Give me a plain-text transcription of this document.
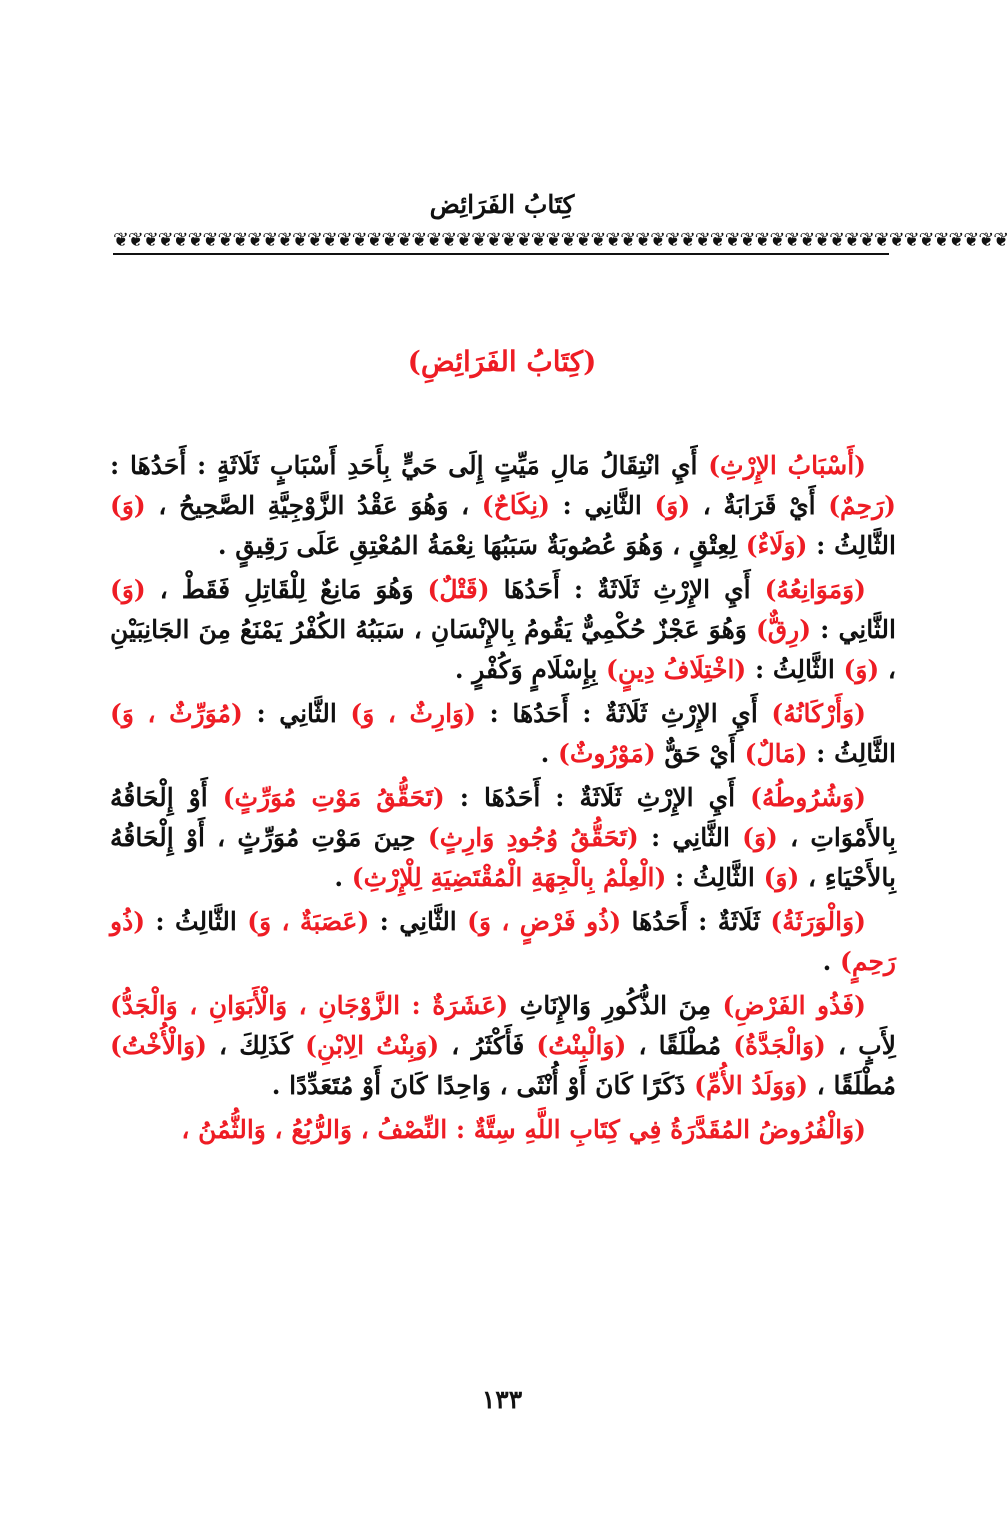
كِتَابُ الفَرَائِض
❦❦❦❦❦❦❦❦❦❦❦❦❦❦❦❦❦❦❦❦❦❦❦❦❦❦❦❦❦❦❦❦❦❦❦❦❦❦❦❦❦❦❦❦❦❦❦❦❦❦❦❦❦❦❦❦❦❦❦❦
(كِتَابُ الفَرَائِضِ)

(أَسْبَابُ الإِرْثِ) أَيِ انْتِقَالُ مَالِ مَيِّتٍ إِلَى حَيٍّ بِأَحَدِ أَسْبَابٍ ثَلَاثَةٍ : أَحَدُهَا : (رَحِمٌ) أَيْ قَرَابَةٌ ، (وَ) الثَّانِي : (نِكَاحٌ) ، وَهُوَ عَقْدُ الزَّوْجِيَّةِ الصَّحِيحُ ، (وَ) الثَّالِثُ : (وَلَاءٌ) لِعِتْقٍ ، وَهُوَ عُصُوبَةٌ سَبَبُهَا نِعْمَةُ المُعْتِقِ عَلَى رَقِيقٍ .

(وَمَوَانِعُهُ) أَيِ الإِرْثِ ثَلَاثَةٌ : أَحَدُهَا (قَتْلٌ) وَهُوَ مَانِعٌ لِلْقَاتِلِ فَقَطْ ، (وَ) الثَّانِي : (رِقٌّ) وَهُوَ عَجْزٌ حُكْمِيٌّ يَقُومُ بِالإِنْسَانِ ، سَبَبُهُ الكُفْرُ يَمْنَعُ مِنَ الجَانِبَيْنِ ، (وَ) الثَّالِثُ : (اخْتِلَافُ دِينٍ) بِإِسْلَامٍ وَكُفْرٍ .

(وَأَرْكَانُهُ) أَيِ الإِرْثِ ثَلَاثَةٌ : أَحَدُهَا : (وَارِثٌ ، وَ) الثَّانِي : (مُوَرِّثٌ ، وَ) الثَّالِثُ : (مَالٌ) أَيْ حَقٌّ (مَوْرُوثٌ) .

(وَشُرُوطُهُ) أَيِ الإِرْثِ ثَلَاثَةٌ : أَحَدُهَا : (تَحَقُّقُ مَوْتِ مُوَرِّثٍ) أَوْ إِلْحَاقُهُ بِالأَمْوَاتِ ، (وَ) الثَّانِي : (تَحَقُّقُ وُجُودِ وَارِثٍ) حِينَ مَوْتِ مُوَرِّثٍ ، أَوْ إِلْحَاقُهُ بِالأَحْيَاءِ ، (وَ) الثَّالِثُ : (الْعِلْمُ بِالْجِهَةِ الْمُقْتَضِيَةِ لِلْإِرْثِ) .

(وَالْوَرَثَةُ) ثَلَاثَةٌ : أَحَدُهَا (ذُو فَرْضٍ ، وَ) الثَّانِي : (عَصَبَةٌ ، وَ) الثَّالِثُ : (ذُو رَحِمٍ) .

(فَذُو الفَرْضِ) مِنَ الذُّكُورِ وَالإِنَاثِ (عَشَرَةٌ : الزَّوْجَانِ ، وَالْأَبَوَانِ ، وَالْجَدُّ) لِأَبٍ ، (وَالْجَدَّةُ) مُطْلَقًا ، (وَالْبِنْتُ) فَأَكْثَرُ ، (وَبِنْتُ الِابْنِ) كَذَلِكَ ، (وَالْأُخْتُ) مُطْلَقًا ، (وَوَلَدُ الأُمِّ) ذَكَرًا كَانَ أَوْ أُنْثَى ، وَاحِدًا كَانَ أَوْ مُتَعَدِّدًا .

(وَالْفُرُوضُ المُقَدَّرَةُ فِي كِتَابِ اللَّهِ سِتَّةٌ : النِّصْفُ ، وَالرُّبُعُ ، وَالثُّمُنُ ،

١٣٣
